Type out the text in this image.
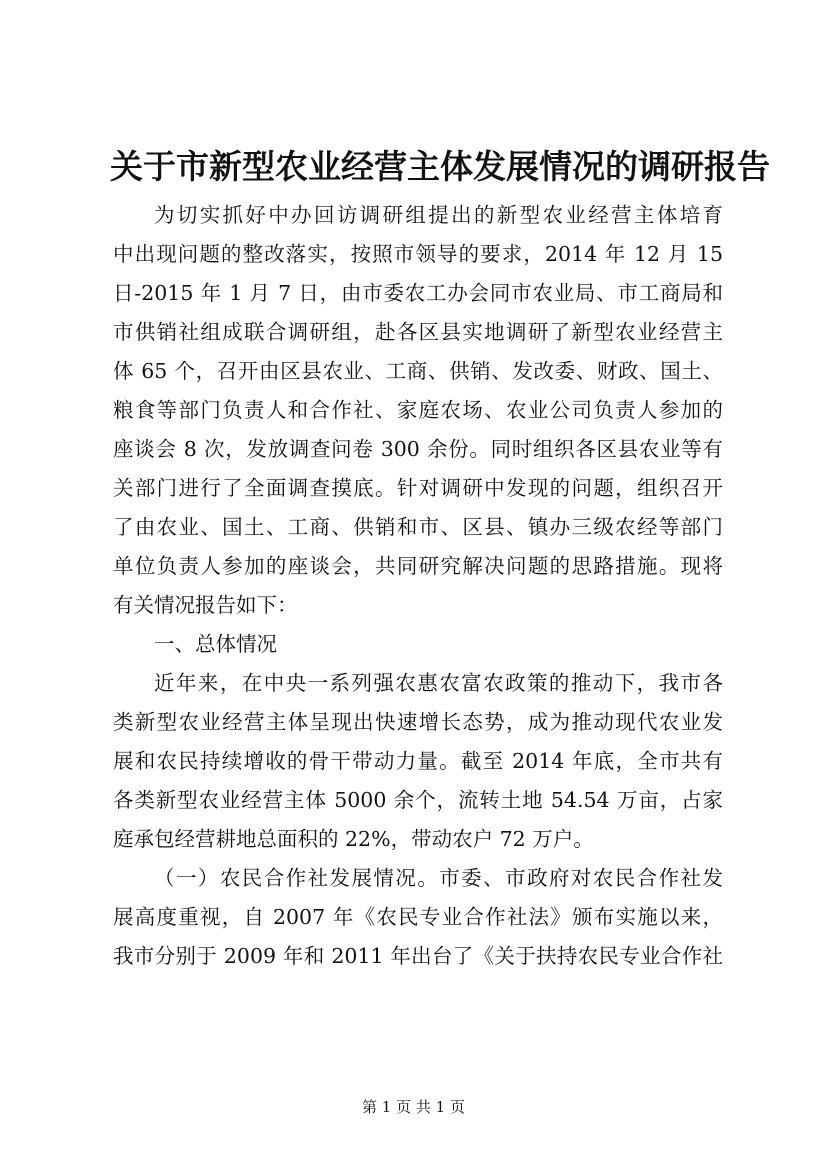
关于市新型农业经营主体发展情况的调研报告
为切实抓好中办回访调研组提出的新型农业经营主体培育
中出现问题的整改落实，按照市领导的要求，2014 年 12 月 15
日-2015 年 1 月 7 日，由市委农工办会同市农业局、市工商局和
市供销社组成联合调研组，赴各区县实地调研了新型农业经营主
体 65 个，召开由区县农业、工商、供销、发改委、财政、国土、
粮食等部门负责人和合作社、家庭农场、农业公司负责人参加的
座谈会 8 次，发放调查问卷 300 余份。同时组织各区县农业等有
关部门进行了全面调查摸底。针对调研中发现的问题，组织召开
了由农业、国土、工商、供销和市、区县、镇办三级农经等部门
单位负责人参加的座谈会，共同研究解决问题的思路措施。现将
有关情况报告如下：
一、总体情况
近年来，在中央一系列强农惠农富农政策的推动下，我市各
类新型农业经营主体呈现出快速增长态势，成为推动现代农业发
展和农民持续增收的骨干带动力量。截至 2014 年底，全市共有
各类新型农业经营主体 5000 余个，流转土地 54.54 万亩，占家
庭承包经营耕地总面积的 22%，带动农户 72 万户。
（一）农民合作社发展情况。市委、市政府对农民合作社发
展高度重视，自 2007 年《农民专业合作社法》颁布实施以来，
我市分别于 2009 年和 2011 年出台了《关于扶持农民专业合作社
第 1 页 共 1 页
